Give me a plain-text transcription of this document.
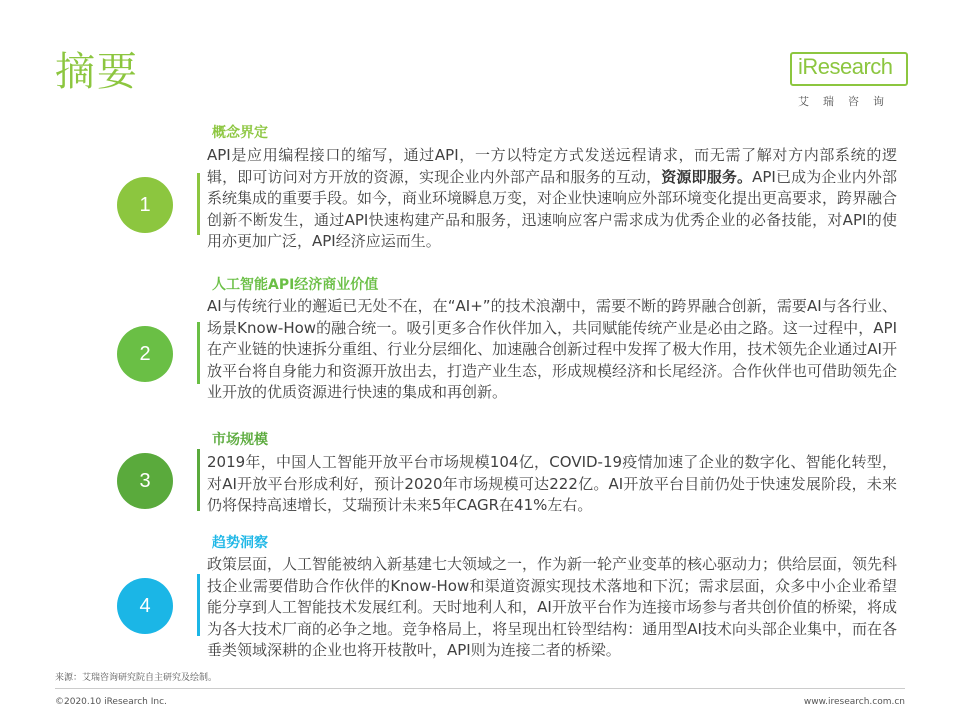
摘要	iResearch
艾瑞咨询
1
概念界定

API是应用编程接口的缩写，通过API，一方以特定方式发送远程请求，而无需了解对方内部系统的逻辑，即可访问对方开放的资源，实现企业内外部产品和服务的互动，资源即服务。API已成为企业内外部系统集成的重要手段。如今，商业环境瞬息万变，对企业快速响应外部环境变化提出更高要求，跨界融合创新不断发生，通过API快速构建产品和服务，迅速响应客户需求成为优秀企业的必备技能，对API的使用亦更加广泛，API经济应运而生。

2
人工智能API经济商业价值

AI与传统行业的邂逅已无处不在，在“AI+”的技术浪潮中，需要不断的跨界融合创新，需要AI与各行业、场景Know-How的融合统一。吸引更多合作伙伴加入，共同赋能传统产业是必由之路。这一过程中，API在产业链的快速拆分重组、行业分层细化、加速融合创新过程中发挥了极大作用，技术领先企业通过AI开放平台将自身能力和资源开放出去，打造产业生态，形成规模经济和长尾经济。合作伙伴也可借助领先企业开放的优质资源进行快速的集成和再创新。

3
市场规模

2019年，中国人工智能开放平台市场规模104亿，COVID-19疫情加速了企业的数字化、智能化转型，对AI开放平台形成利好，预计2020年市场规模可达222亿。AI开放平台目前仍处于快速发展阶段，未来仍将保持高速增长，艾瑞预计未来5年CAGR在41%左右。

4
趋势洞察

政策层面，人工智能被纳入新基建七大领域之一，作为新一轮产业变革的核心驱动力；供给层面，领先科技企业需要借助合作伙伴的Know-How和渠道资源实现技术落地和下沉；需求层面，众多中小企业希望能分享到人工智能技术发展红利。天时地利人和，AI开放平台作为连接市场参与者共创价值的桥梁，将成为各大技术厂商的必争之地。竞争格局上，将呈现出杠铃型结构：通用型AI技术向头部企业集中，而在各垂类领域深耕的企业也将开枝散叶，API则为连接二者的桥梁。

来源：艾瑞咨询研究院自主研究及绘制。
©2020.10 iResearch Inc.	www.iresearch.com.cn
